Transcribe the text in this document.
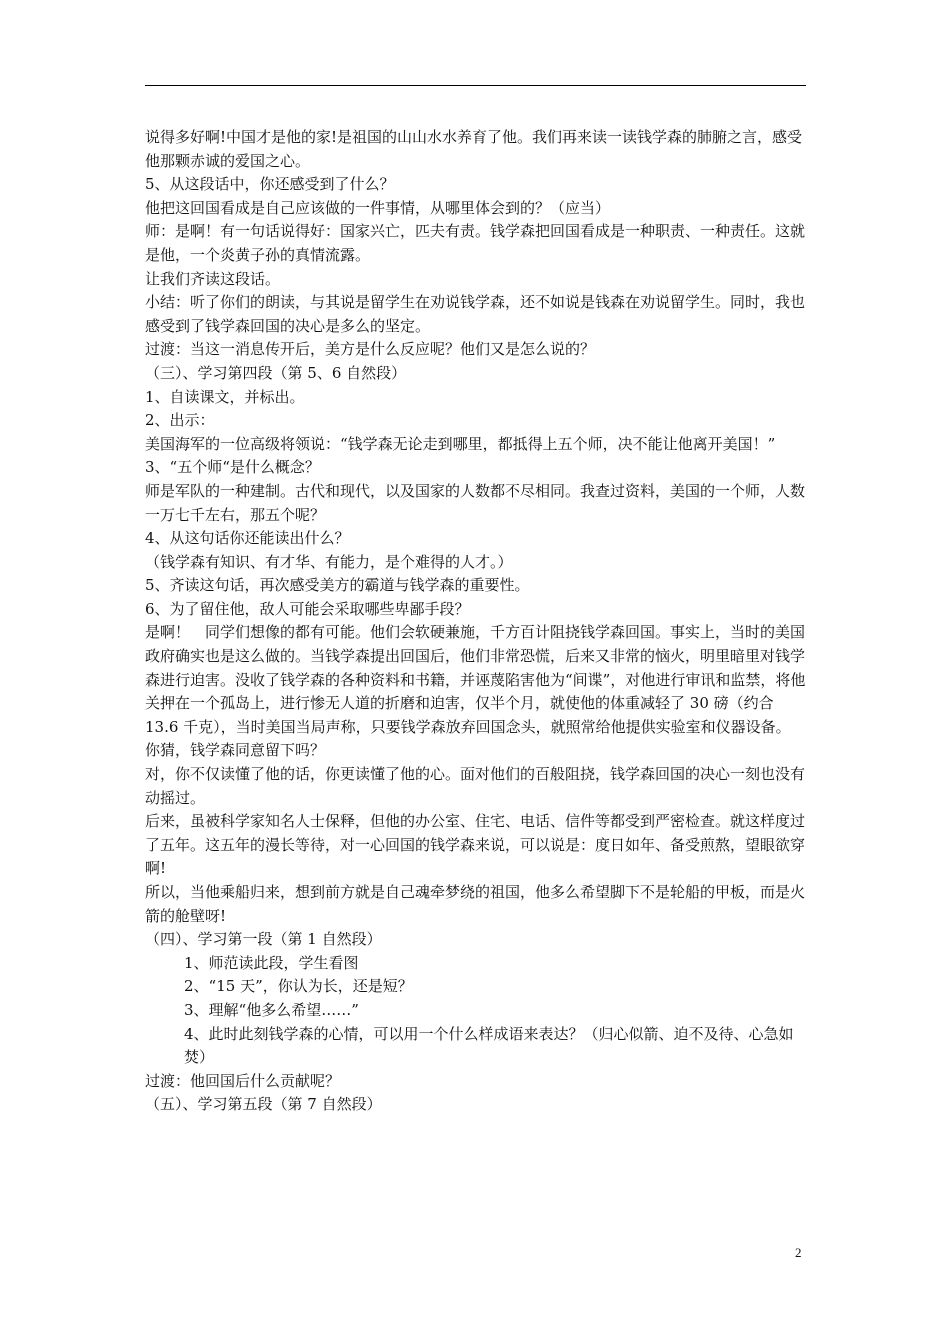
说得多好啊!中国才是他的家!是祖国的山山水水养育了他。我们再来读一读钱学森的肺腑之言，感受他那颗赤诚的爱国之心。

5、从这段话中，你还感受到了什么？

他把这回国看成是自己应该做的一件事情，从哪里体会到的？（应当）

师：是啊！有一句话说得好：国家兴亡，匹夫有责。钱学森把回国看成是一种职责、一种责任。这就是他，一个炎黄子孙的真情流露。

让我们齐读这段话。

小结：听了你们的朗读，与其说是留学生在劝说钱学森，还不如说是钱森在劝说留学生。同时，我也感受到了钱学森回国的决心是多么的坚定。

过渡：当这一消息传开后，美方是什么反应呢？他们又是怎么说的？

（三）、学习第四段（第 5、6 自然段）

1、自读课文，并标出。

2、出示：

美国海军的一位高级将领说：“钱学森无论走到哪里，都抵得上五个师，决不能让他离开美国！”

3、“五个师“是什么概念？

师是军队的一种建制。古代和现代，以及国家的人数都不尽相同。我查过资料，美国的一个师，人数一万七千左右，那五个呢？

4、从这句话你还能读出什么？

（钱学森有知识、有才华、有能力，是个难得的人才。）

5、齐读这句话，再次感受美方的霸道与钱学森的重要性。

6、为了留住他，敌人可能会采取哪些卑鄙手段？

是啊！　同学们想像的都有可能。他们会软硬兼施，千方百计阻挠钱学森回国。事实上，当时的美国政府确实也是这么做的。当钱学森提出回国后，他们非常恐慌，后来又非常的恼火，明里暗里对钱学森进行迫害。没收了钱学森的各种资料和书籍，并诬蔑陷害他为“间谍”，对他进行审讯和监禁，将他关押在一个孤岛上，进行惨无人道的折磨和迫害，仅半个月，就使他的体重减轻了 30 磅（约合 13.6 千克），当时美国当局声称，只要钱学森放弃回国念头，就照常给他提供实验室和仪器设备。

你猜，钱学森同意留下吗？

对，你不仅读懂了他的话，你更读懂了他的心。面对他们的百般阻挠，钱学森回国的决心一刻也没有动摇过。

后来，虽被科学家知名人士保释，但他的办公室、住宅、电话、信件等都受到严密检查。就这样度过了五年。这五年的漫长等待，对一心回国的钱学森来说，可以说是：度日如年、备受煎熬，望眼欲穿啊!

所以，当他乘船归来，想到前方就是自己魂牵梦绕的祖国，他多么希望脚下不是轮船的甲板，而是火箭的舱壁呀!

（四）、学习第一段（第 1 自然段）

1、师范读此段，学生看图

2、“15 天”，你认为长，还是短？

3、理解“他多么希望……”

4、此时此刻钱学森的心情，可以用一个什么样成语来表达？（归心似箭、迫不及待、心急如焚）

过渡：他回国后什么贡献呢？

（五）、学习第五段（第 7 自然段）

2
